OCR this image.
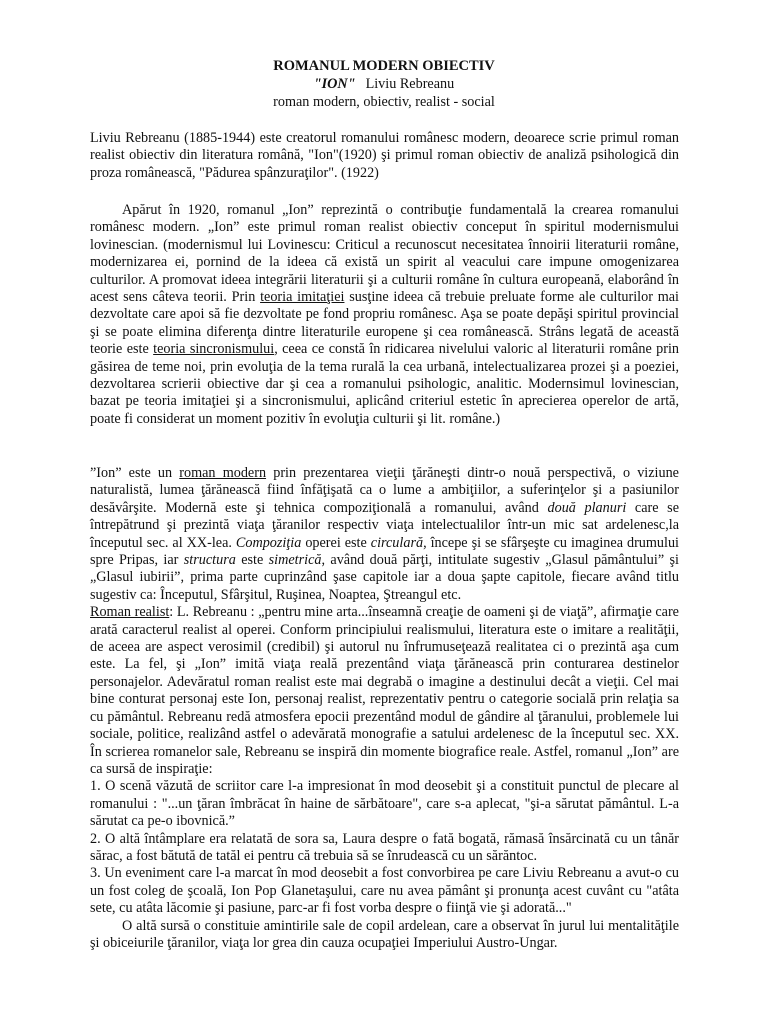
ROMANUL MODERN OBIECTIV
"ION" Liviu Rebreanu
roman modern, obiectiv, realist - social

Liviu Rebreanu (1885-1944) este creatorul romanului românesc modern, deoarece scrie primul roman realist obiectiv din literatura română, "Ion"(1920) şi primul roman obiectiv de analiză psihologică din proza românească, "Pădurea spânzuraţilor". (1922)

Apărut în 1920, romanul „Ion” reprezintă o contribuţie fundamentală la crearea romanului românesc modern. „Ion” este primul roman realist obiectiv conceput în spiritul modernismului lovinescian. (modernismul lui Lovinescu: Criticul a recunoscut necesitatea înnoirii literaturii române, modernizarea ei, pornind de la ideea că există un spirit al veacului care impune omogenizarea culturilor. A promovat ideea integrării literaturii şi a culturii române în cultura europeană, elaborând în acest sens câteva teorii. Prin teoria imitaţiei susţine ideea că trebuie preluate forme ale culturilor mai dezvoltate care apoi să fie dezvoltate pe fond propriu românesc. Aşa se poate depăşi spiritul provincial şi se poate elimina diferenţa dintre literaturile europene şi cea românească. Strâns legată de această teorie este teoria sincronismului, ceea ce constă în ridicarea nivelului valoric al literaturii române prin găsirea de teme noi, prin evoluţia de la tema rurală la cea urbană, intelectualizarea prozei şi a poeziei, dezvoltarea scrierii obiective dar şi cea a romanului psihologic, analitic. Modernsimul lovinescian, bazat pe teoria imitaţiei şi a sincronismului, aplicând criteriul estetic în aprecierea operelor de artă, poate fi considerat un moment pozitiv în evoluţia culturii şi lit. române.)

”Ion” este un roman modern prin prezentarea vieţii ţărăneşti dintr-o nouă perspectivă, o viziune naturalistă, lumea ţărănească fiind înfăţişată ca o lume a ambiţiilor, a suferinţelor şi a pasiunilor desăvârşite. Modernă este şi tehnica compoziţională a romanului, având două planuri care se întrepătrund şi prezintă viaţa ţăranilor respectiv viaţa intelectualilor într-un mic sat ardelenesc,la începutul sec. al XX-lea. Compoziţia operei este circulară, începe şi se sfârşeşte cu imaginea drumului spre Pripas, iar structura este simetrică, având două părţi, intitulate sugestiv „Glasul pământului” şi „Glasul iubirii”, prima parte cuprinzând şase capitole iar a doua şapte capitole, fiecare având titlu sugestiv ca: Începutul, Sfârşitul, Ruşinea, Noaptea, Ştreangul etc.

Roman realist: L. Rebreanu : „pentru mine arta...înseamnă creaţie de oameni şi de viaţă”, afirmaţie care arată caracterul realist al operei. Conform principiului realismului, literatura este o imitare a realităţii, de aceea are aspect verosimil (credibil) şi autorul nu înfrumuseţează realitatea ci o prezintă aşa cum este. La fel, şi „Ion” imită viaţa reală prezentând viaţa ţărănească prin conturarea destinelor personajelor. Adevăratul roman realist este mai degrabă o imagine a destinului decât a vieţii. Cel mai bine conturat personaj este Ion, personaj realist, reprezentativ pentru o categorie socială prin relaţia sa cu pământul. Rebreanu redă atmosfera epocii prezentând modul de gândire al ţăranului, problemele lui sociale, politice, realizând astfel o adevărată monografie a satului ardelenesc de la începutul sec. XX. În scrierea romanelor sale, Rebreanu se inspiră din momente biografice reale. Astfel, romanul „Ion” are ca sursă de inspiraţie:

1. O scenă văzută de scriitor care l-a impresionat în mod deosebit şi a constituit punctul de plecare al romanului : "...un ţăran îmbrăcat în haine de sărbătoare", care s-a aplecat, "şi-a sărutat pământul. L-a sărutat ca pe-o ibovnică.”

2. O altă întâmplare era relatată de sora sa, Laura despre o fată bogată, rămasă însărcinată cu un tânăr sărac, a fost bătută de tatăl ei pentru că trebuia să se înrudească cu un sărăntoc.

3. Un eveniment care l-a marcat în mod deosebit a fost convorbirea pe care Liviu Rebreanu a avut-o cu un fost coleg de şcoală, Ion Pop Glanetaşului, care nu avea pământ şi pronunţa acest cuvânt cu "atâta sete, cu atâta lăcomie şi pasiune, parc-ar fi fost vorba despre o fiinţă vie şi adorată..."

O altă sursă o constituie amintirile sale de copil ardelean, care a observat în jurul lui mentalităţile şi obiceiurile ţăranilor, viaţa lor grea din cauza ocupaţiei Imperiului Austro-Ungar.
